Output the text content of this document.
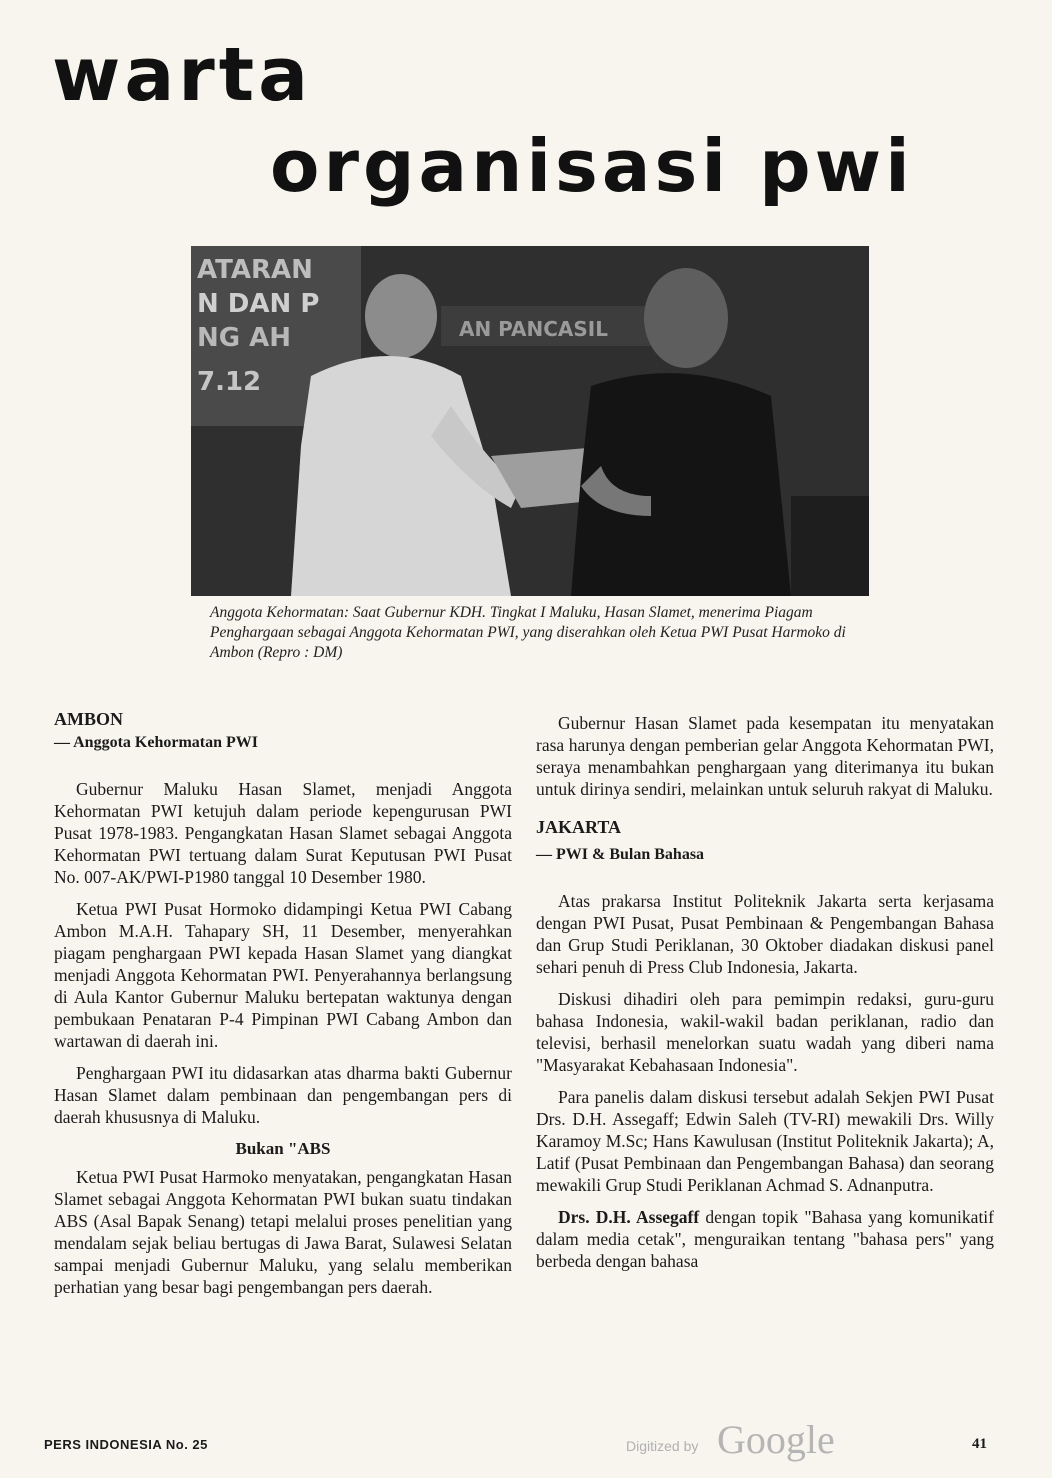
warta
organisasi pwi
ATARAN
N DAN P
NG AH
7.12
AN PANCASIL

Anggota Kehormatan: Saat Gubernur KDH. Tingkat I Maluku, Hasan Slamet, menerima Piagam Penghargaan sebagai Anggota Kehormatan PWI, yang diserahkan oleh Ketua PWI Pusat Harmoko di Ambon (Repro : DM)

AMBON
— Anggota Kehormatan PWI

Gubernur Maluku Hasan Slamet, menjadi Anggota Kehormatan PWI ketujuh dalam periode kepengurusan PWI Pusat 1978-1983. Pengangkatan Hasan Slamet sebagai Anggota Kehormatan PWI tertuang dalam Surat Keputusan PWI Pusat No. 007-AK/PWI-P1980 tanggal 10 Desember 1980.

Ketua PWI Pusat Hormoko didampingi Ketua PWI Cabang Ambon M.A.H. Tahapary SH, 11 Desember, menyerahkan piagam penghargaan PWI kepada Hasan Slamet yang diangkat menjadi Anggota Kehormatan PWI. Penyerahannya berlangsung di Aula Kantor Gubernur Maluku bertepatan waktunya dengan pembukaan Penataran P-4 Pimpinan PWI Cabang Ambon dan wartawan di daerah ini.

Penghargaan PWI itu didasarkan atas dharma bakti Gubernur Hasan Slamet dalam pembinaan dan pengembangan pers di daerah khususnya di Maluku.

Bukan "ABS

Ketua PWI Pusat Harmoko menyatakan, pengangkatan Hasan Slamet sebagai Anggota Kehormatan PWI bukan suatu tindakan ABS (Asal Bapak Senang) tetapi melalui proses penelitian yang mendalam sejak beliau bertugas di Jawa Barat, Sulawesi Selatan sampai menjadi Gubernur Maluku, yang selalu memberikan perhatian yang besar bagi pengembangan pers daerah.

Gubernur Hasan Slamet pada kesempatan itu menyatakan rasa harunya dengan pemberian gelar Anggota Kehormatan PWI, seraya menambahkan penghargaan yang diterimanya itu bukan untuk dirinya sendiri, melainkan untuk seluruh rakyat di Maluku.

JAKARTA
— PWI & Bulan Bahasa

Atas prakarsa Institut Politeknik Jakarta serta kerjasama dengan PWI Pusat, Pusat Pembinaan & Pengembangan Bahasa dan Grup Studi Periklanan, 30 Oktober diadakan diskusi panel sehari penuh di Press Club Indonesia, Jakarta.

Diskusi dihadiri oleh para pemimpin redaksi, guru-guru bahasa Indonesia, wakil-wakil badan periklanan, radio dan televisi, berhasil menelorkan suatu wadah yang diberi nama "Masyarakat Kebahasaan Indonesia".

Para panelis dalam diskusi tersebut adalah Sekjen PWI Pusat Drs. D.H. Assegaff; Edwin Saleh (TV-RI) mewakili Drs. Willy Karamoy M.Sc; Hans Kawulusan (Institut Politeknik Jakarta); A, Latif (Pusat Pembinaan dan Pengembangan Bahasa) dan seorang mewakili Grup Studi Periklanan Achmad S. Adnanputra.

Drs. D.H. Assegaff dengan topik "Bahasa yang komunikatif dalam media cetak", menguraikan tentang "bahasa pers" yang berbeda dengan bahasa

PERS INDONESIA No. 25	Digitized by Google	41
